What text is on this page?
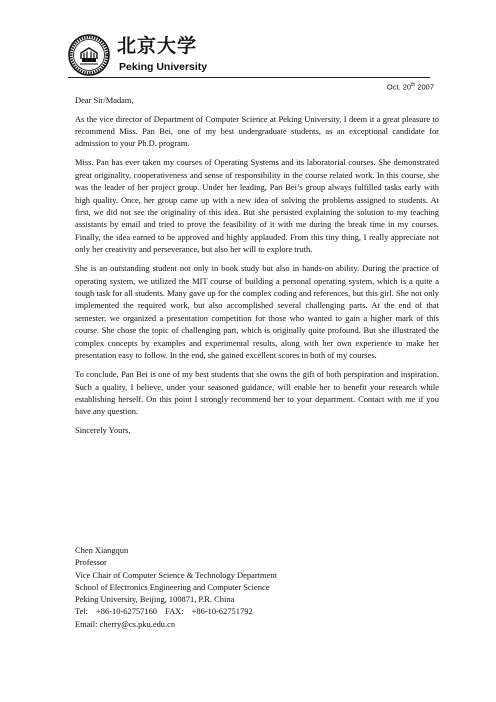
北京大学
Peking University
Oct. 20th 2007

Dear Sir/Madam,

As the vice director of Department of Computer Science at Peking University, I deem it a great pleasure to recommend Miss. Pan Bei, one of my best undergraduate students, as an exceptional candidate for admission to your Ph.D. program.

Miss. Pan has ever taken my courses of Operating Systems and its laboratorial courses. She demonstrated great originality, cooperativeness and sense of responsibility in the course related work. In this course, she was the leader of her project group. Under her leading, Pan Bei’s group always fulfilled tasks early with high quality. Once, her group came up with a new idea of solving the problems assigned to students. At first, we did not see the originality of this idea. But she persisted explaining the solution to my teaching assistants by email and tried to prove the feasibility of it with me during the break time in my courses. Finally, the idea earned to be approved and highly applauded. From this tiny thing, I really appreciate not only her creativity and perseverance, but also her will to explore truth.

She is an outstanding student not only in book study but also in hands-on ability. During the practice of operating system, we utilized the MIT course of building a personal operating system, which is a quite a tough task for all students. Many gave up for the complex coding and references, but this girl. She not only implemented the required work, but also accomplished several challenging parts. At the end of that semester, we organized a presentation competition for those who wanted to gain a higher mark of this course. She chose the topic of challenging part, which is originally quite profound. But she illustrated the complex concepts by examples and experimental results, along with her own experience to make her presentation easy to follow. In the end, she gained excellent scores in both of my courses.

To conclude, Pan Bei is one of my best students that she owns the gift of both perspiration and inspiration. Such a quality, I believe, under your seasoned guidance, will enable her to benefit your research while establishing herself. On this point I strongly recommend her to your department. Contact with me if you have any question.

Sincerely Yours,

Chen Xiangqun
Professor
Vice Chair of Computer Science & Technology Department
School of Electronics Engineering and Computer Science
Peking University, Beijing, 100871, P.R. China
Tel: +86-10-62757160 FAX: +86-10-62751792
Email: cherry@cs.pku.edu.cn
